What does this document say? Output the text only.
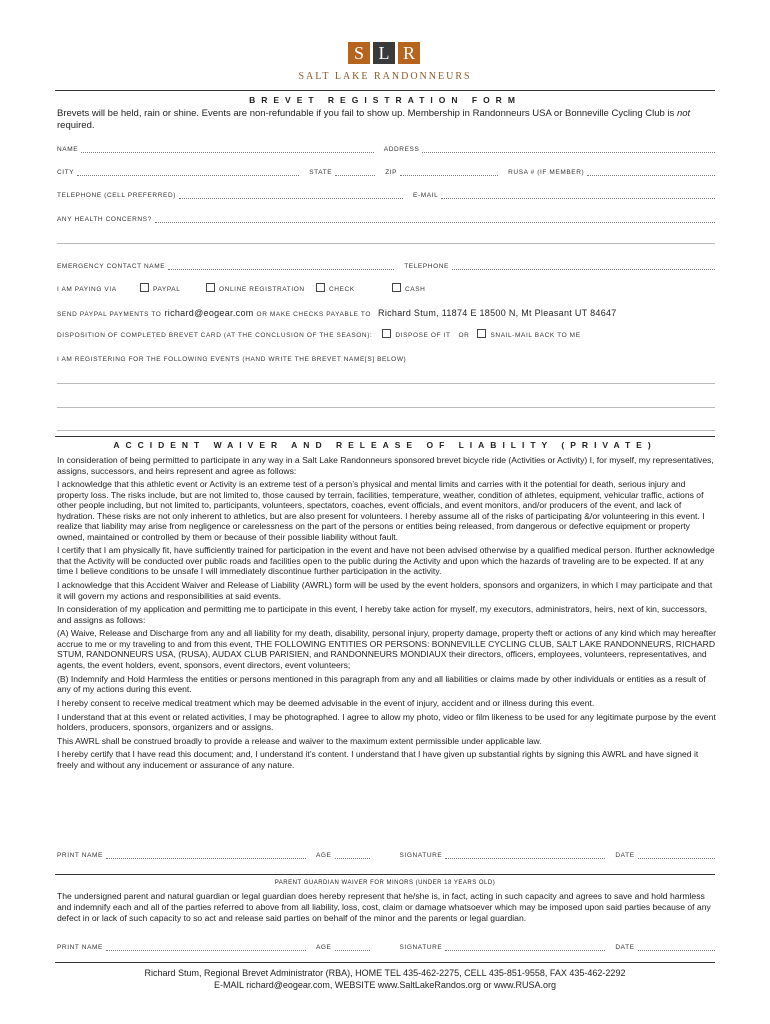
S L R
SALT LAKE RANDONNEURS
BREVET REGISTRATION FORM
Brevets will be held, rain or shine. Events are non-refundable if you fail to show up. Membership in Randonneurs USA or Bonneville Cycling Club is not required.
NAME	ADDRESS
CITY	STATE	ZIP	RUSA # (IF MEMBER)
TELEPHONE (CELL PREFERRED)	E-MAIL
ANY HEALTH CONCERNS?
EMERGENCY CONTACT NAME	TELEPHONE
I AM PAYING VIA	PAYPAL	ONLINE REGISTRATION	CHECK	CASH
SEND PAYPAL PAYMENTS TO richard@eogear.com OR MAKE CHECKS PAYABLE TO Richard Stum, 11874 E 18500 N, Mt Pleasant UT 84647
DISPOSITION OF COMPLETED BREVET CARD (AT THE CONCLUSION OF THE SEASON):	DISPOSE OF IT OR	SNAIL-MAIL BACK TO ME
I AM REGISTERING FOR THE FOLLOWING EVENTS (HAND WRITE THE BREVET NAME[S] BELOW)
ACCIDENT WAIVER AND RELEASE OF LIABILITY (PRIVATE)

In consideration of being permitted to participate in any way in a Salt Lake Randonneurs sponsored brevet bicycle ride (Activities or Activity) I, for myself, my representatives, assigns, successors, and heirs represent and agree as follows:

I acknowledge that this athletic event or Activity is an extreme test of a person’s physical and mental limits and carries with it the potential for death, serious injury and property loss. The risks include, but are not limited to, those caused by terrain, facilities, temperature, weather, condition of athletes, equipment, vehicular traffic, actions of other people including, but not limited to, participants, volunteers, spectators, coaches, event officials, and event monitors, and/or producers of the event, and lack of hydration. These risks are not only inherent to athletics, but are also present for volunteers. I hereby assume all of the risks of participating &/or volunteering in this event. I realize that liability may arise from negligence or carelessness on the part of the persons or entities being released, from dangerous or defective equipment or property owned, maintained or controlled by them or because of their possible liability without fault.

I certify that I am physically fit, have sufficiently trained for participation in the event and have not been advised otherwise by a qualified medical person. Ifurther acknowledge that the Activity will be conducted over public roads and facilities open to the public during the Activity and upon which the hazards of traveling are to be expected. If at any time I believe conditions to be unsafe I will immediately discontinue further participation in the activity.

I acknowledge that this Accident Waiver and Release of Liability (AWRL) form will be used by the event holders, sponsors and organizers, in which I may participate and that it will govern my actions and responsibilities at said events.

In consideration of my application and permitting me to participate in this event, I hereby take action for myself, my executors, administrators, heirs, next of kin, successors, and assigns as follows:

(A) Waive, Release and Discharge from any and all liability for my death, disability, personal injury, property damage, property theft or actions of any kind which may hereafter accrue to me or my traveling to and from this event, THE FOLLOWING ENTITIES OR PERSONS: BONNEVILLE CYCLING CLUB, SALT LAKE RANDONNEURS, RICHARD STUM, RANDONNEURS USA, (RUSA), AUDAX CLUB PARISIEN, and RANDONNEURS MONDIAUX their directors, officers, employees, volunteers, representatives, and agents, the event holders, event, sponsors, event directors, event volunteers;

(B) Indemnify and Hold Harmless the entities or persons mentioned in this paragraph from any and all liabilities or claims made by other individuals or entities as a result of any of my actions during this event.

I hereby consent to receive medical treatment which may be deemed advisable in the event of injury, accident and or illness during this event.

I understand that at this event or related activities, I may be photographed. I agree to allow my photo, video or film likeness to be used for any legitimate purpose by the event holders, producers, sponsors, organizers and or assigns.

This AWRL shall be construed broadly to provide a release and waiver to the maximum extent permissible under applicable law.

I hereby certify that I have read this document; and, I understand it’s content. I understand that I have given up substantial rights by signing this AWRL and have signed it freely and without any inducement or assurance of any nature.

PRINT NAME	AGE	SIGNATURE	DATE
PARENT GUARDIAN WAIVER FOR MINORS (UNDER 18 YEARS OLD)
The undersigned parent and natural guardian or legal guardian does hereby represent that he/she is, in fact, acting in such capacity and agrees to save and hold harmless and indemnify each and all of the parties referred to above from all liability, loss, cost, claim or damage whatsoever which may be imposed upon said parties because of any defect in or lack of such capacity to so act and release said parties on behalf of the minor and the parents or legal guardian.
PRINT NAME	AGE	SIGNATURE	DATE
Richard Stum, Regional Brevet Administrator (RBA), HOME TEL 435-462-2275, CELL 435-851-9558, FAX 435-462-2292
E-MAIL richard@eogear.com, WEBSITE www.SaltLakeRandos.org or www.RUSA.org
